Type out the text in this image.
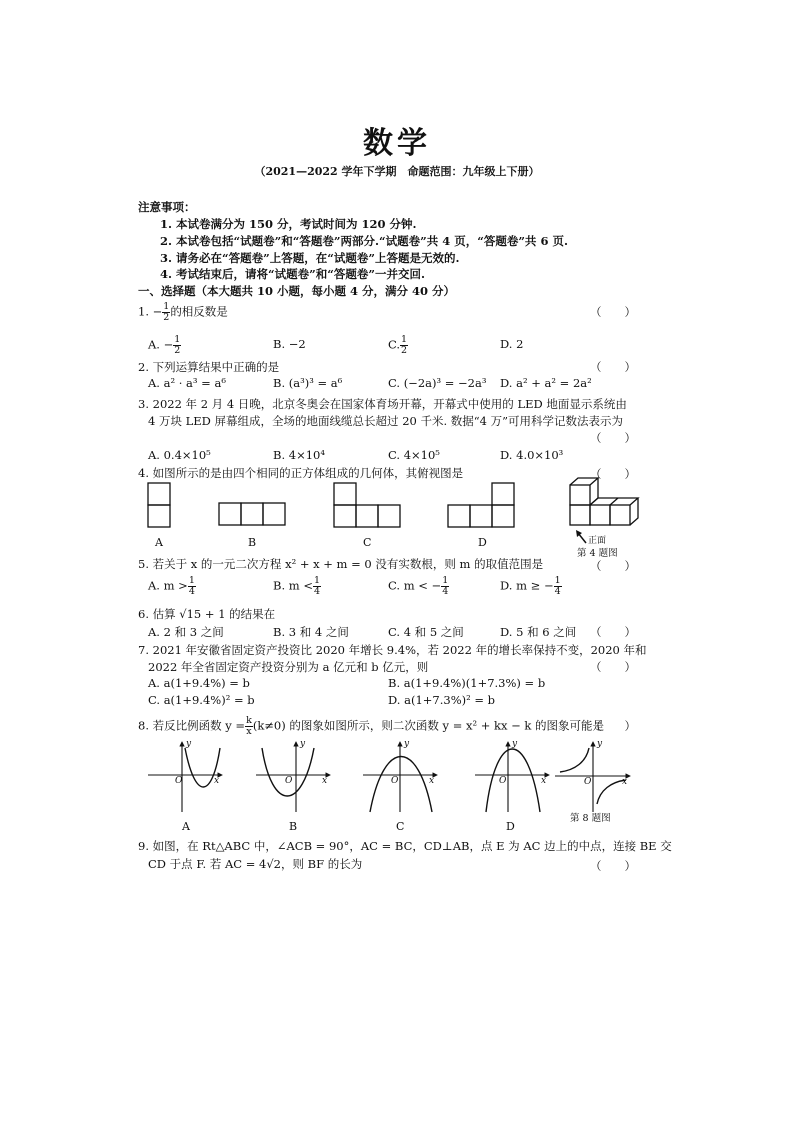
数学
（2021—2022 学年下学期　命题范围：九年级上下册）
注意事项：
1. 本试卷满分为 150 分，考试时间为 120 分钟.
2. 本试卷包括“试题卷”和“答题卷”两部分.“试题卷”共 4 页，“答题卷”共 6 页.
3. 请务必在“答题卷”上答题，在“试题卷”上答题是无效的.
4. 考试结束后，请将“试题卷”和“答题卷”一并交回.
一、选择题（本大题共 10 小题，每小题 4 分，满分 40 分）
1. − $\frac{1}{2}$ 的相反数是	（　　）
A. − $\frac{1}{2}$	B. −2	C. $\frac{1}{2}$	D. 2
2. 下列运算结果中正确的是	（　　）
A. a² · a³ = a⁶	B. (a³)³ = a⁶	C. (−2a)³ = −2a³ D. a² + a² = 2a²
3. 2022 年 2 月 4 日晚，北京冬奥会在国家体育场开幕，开幕式中使用的 LED 地面显示系统由
4 万块 LED 屏幕组成，全场的地面线缆总长超过 20 千米. 数据“4 万”可用科学记数法表示为
（　　）
A. 0.4×10⁵	B. 4×10⁴	C. 4×10⁵	D. 4.0×10³
4. 如图所示的是由四个相同的正方体组成的几何体，其俯视图是	（　　）
A	B	C	D	正面
第 4 题图
5. 若关于 x 的一元二次方程 x² + x + m = 0 没有实数根，则 m 的取值范围是	（　　）
A. $m > \frac{1}{4}$	B. $m < \frac{1}{4}$	C. m < − $\frac{1}{4}$	D. m ≥ − $\frac{1}{4}$
6. 估算 √15 + 1 的结果在
A. 2 和 3 之间	B. 3 和 4 之间	C. 4 和 5 之间	D. 5 和 6 之间 （　　）
7. 2021 年安徽省固定资产投资比 2020 年增长 9.4%，若 2022 年的增长率保持不变，2020 年和
2022 年全省固定资产投资分别为 a 亿元和 b 亿元，则	（　　）
A. a(1+9.4%) = b	B. a(1+9.4%)(1+7.3%) = b
C. a(1+9.4%)² = b	D. a(1+7.3%)² = b
8. 若反比例函数 $y = \frac{k}{x} (k\ne 0)$ 的图象如图所示，则二次函数 y = x² + kx − k 的图象可能是
（　　）
O
y
x	O
y
x	O
y
x	O
y
x	O
y
x
A	B	C	D
第 8 题图
9. 如图，在 Rt△ABC 中，∠ACB = 90°，AC = BC，CD⊥AB，点 E 为 AC 边上的中点，连接 BE 交
CD 于点 F. 若 AC = 4√2，则 BF 的长为	（　　）
